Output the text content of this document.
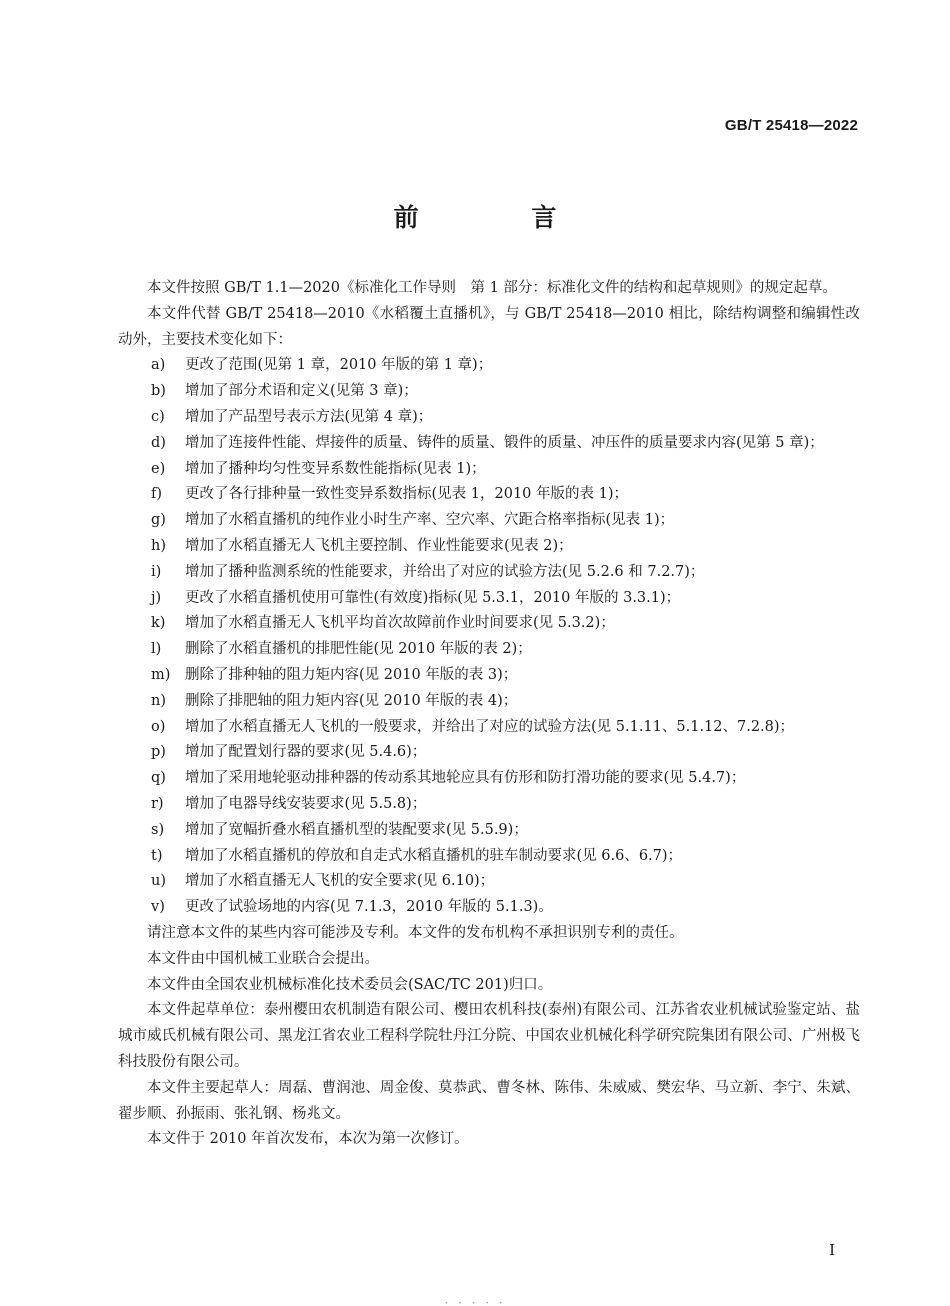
GB/T 25418—2022
前 言

本文件按照 GB/T 1.1—2020《标准化工作导则　第 1 部分：标准化文件的结构和起草规则》的规定起草。

本文件代替 GB/T 25418—2010《水稻覆土直播机》，与 GB/T 25418—2010 相比，除结构调整和编辑性改动外，主要技术变化如下：

a) 更改了范围(见第 1 章，2010 年版的第 1 章)；
b) 增加了部分术语和定义(见第 3 章)；
c) 增加了产品型号表示方法(见第 4 章)；
d) 增加了连接件性能、焊接件的质量、铸件的质量、锻件的质量、冲压件的质量要求内容(见第 5 章)；
e) 增加了播种均匀性变异系数性能指标(见表 1)；
f) 更改了各行排种量一致性变异系数指标(见表 1，2010 年版的表 1)；
g) 增加了水稻直播机的纯作业小时生产率、空穴率、穴距合格率指标(见表 1)；
h) 增加了水稻直播无人飞机主要控制、作业性能要求(见表 2)；
i) 增加了播种监测系统的性能要求，并给出了对应的试验方法(见 5.2.6 和 7.2.7)；
j) 更改了水稻直播机使用可靠性(有效度)指标(见 5.3.1，2010 年版的 3.3.1)；
k) 增加了水稻直播无人飞机平均首次故障前作业时间要求(见 5.3.2)；
l) 删除了水稻直播机的排肥性能(见 2010 年版的表 2)；
m) 删除了排种轴的阻力矩内容(见 2010 年版的表 3)；
n) 删除了排肥轴的阻力矩内容(见 2010 年版的表 4)；
o) 增加了水稻直播无人飞机的一般要求，并给出了对应的试验方法(见 5.1.11、5.1.12、7.2.8)；
p) 增加了配置划行器的要求(见 5.4.6)；
q) 增加了采用地轮驱动排种器的传动系其地轮应具有仿形和防打滑功能的要求(见 5.4.7)；
r) 增加了电器导线安装要求(见 5.5.8)；
s) 增加了宽幅折叠水稻直播机型的装配要求(见 5.5.9)；
t) 增加了水稻直播机的停放和自走式水稻直播机的驻车制动要求(见 6.6、6.7)；
u) 增加了水稻直播无人飞机的安全要求(见 6.10)；
v) 更改了试验场地的内容(见 7.1.3，2010 年版的 5.1.3)。

请注意本文件的某些内容可能涉及专利。本文件的发布机构不承担识别专利的责任。

本文件由中国机械工业联合会提出。

本文件由全国农业机械标准化技术委员会(SAC/TC 201)归口。

本文件起草单位：泰州樱田农机制造有限公司、樱田农机科技(泰州)有限公司、江苏省农业机械试验鉴定站、盐城市威氏机械有限公司、黑龙江省农业工程科学院牡丹江分院、中国农业机械化科学研究院集团有限公司、广州极飞科技股份有限公司。

本文件主要起草人：周磊、曹润池、周金俊、莫恭武、曹冬林、陈伟、朱威威、樊宏华、马立新、李宁、朱斌、翟步顺、孙振雨、张礼钢、杨兆文。

本文件于 2010 年首次发布，本次为第一次修订。

I
· · · · ·
